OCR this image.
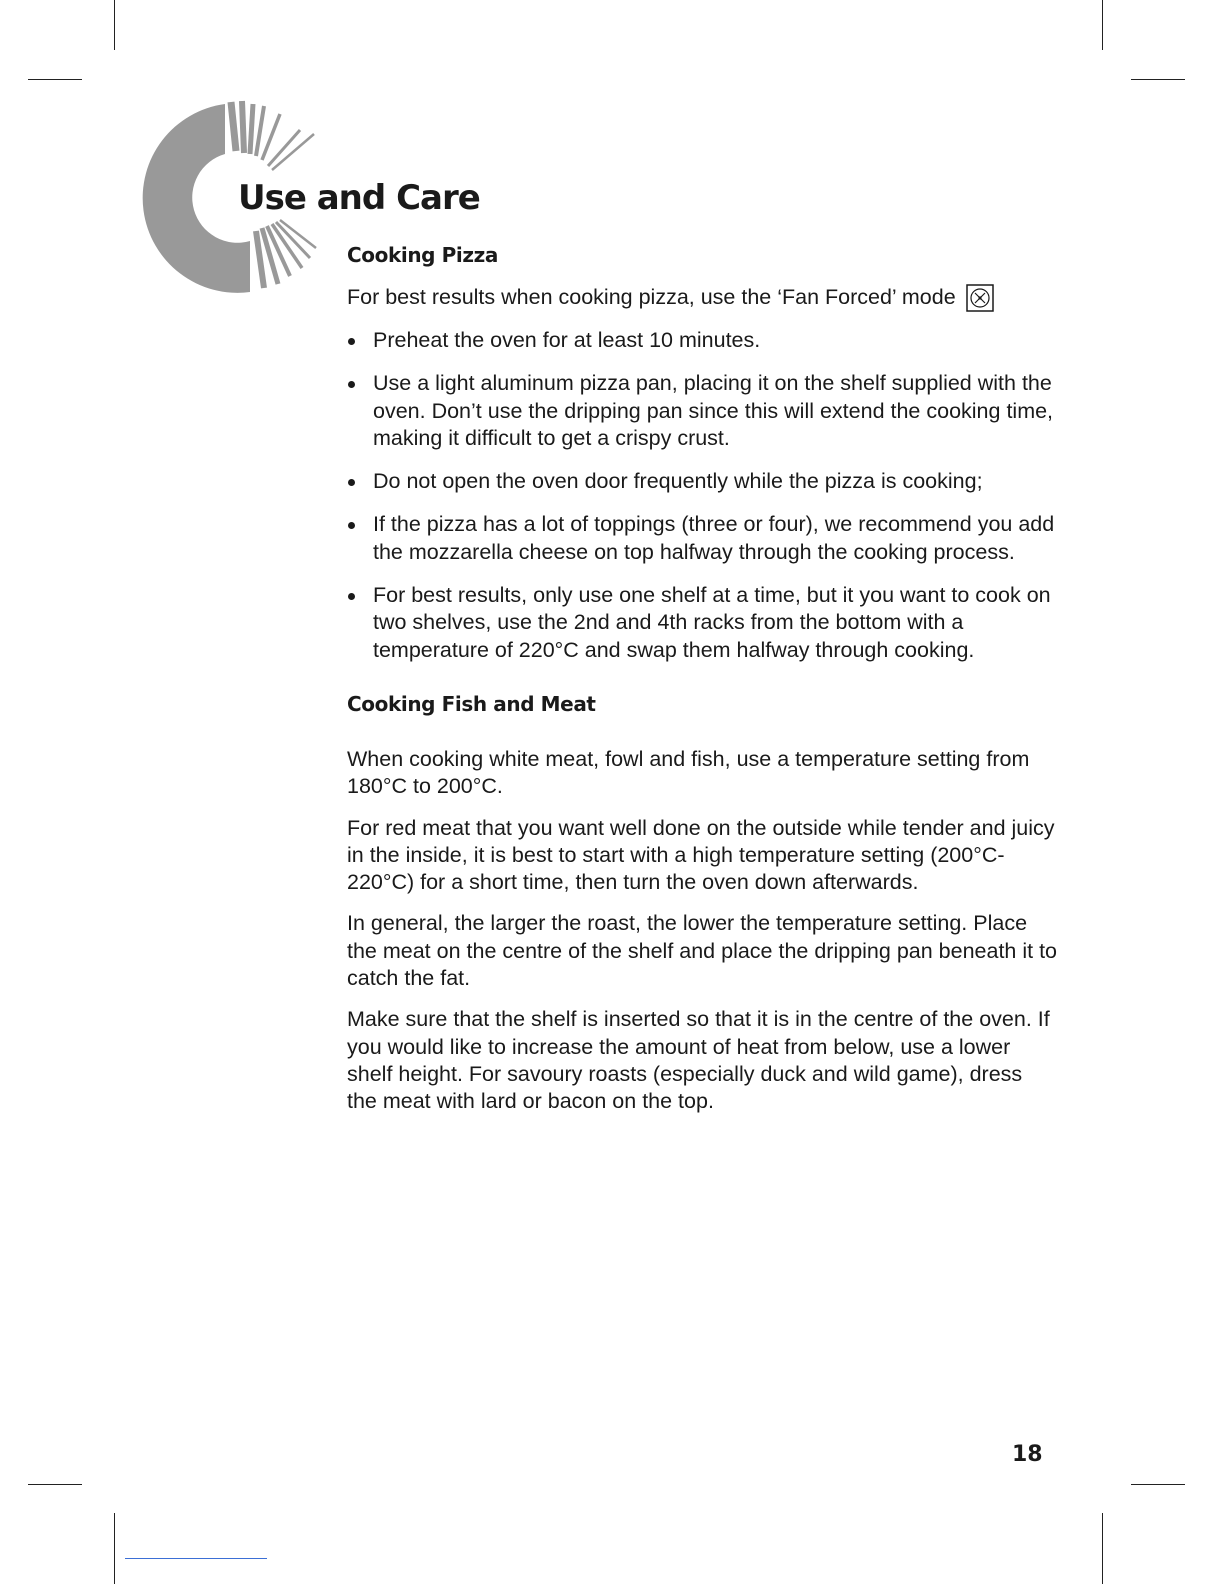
Use and Care
Cooking Pizza

For best results when cooking pizza, use the ‘Fan Forced’ mode

Preheat the oven for at least 10 minutes.
Use a light aluminum pizza pan, placing it on the shelf supplied with the oven. Don’t use the dripping pan since this will extend the cooking time, making it difficult to get a crispy crust.
Do not open the oven door frequently while the pizza is cooking;
If the pizza has a lot of toppings (three or four), we recommend you add the mozzarella cheese on top halfway through the cooking process.
For best results, only use one shelf at a time, but it you want to cook on two shelves, use the 2nd and 4th racks from the bottom with a temperature of 220°C and swap them halfway through cooking.
Cooking Fish and Meat

When cooking white meat, fowl and fish, use a temperature setting from 180°C to 200°C.

For red meat that you want well done on the outside while tender and juicy in the inside, it is best to start with a high temperature setting (200°C-220°C) for a short time, then turn the oven down afterwards.

In general, the larger the roast, the lower the temperature setting. Place the meat on the centre of the shelf and place the dripping pan beneath it to catch the fat.

Make sure that the shelf is inserted so that it is in the centre of the oven. If you would like to increase the amount of heat from below, use a lower shelf height. For savoury roasts (especially duck and wild game), dress the meat with lard or bacon on the top.

18
